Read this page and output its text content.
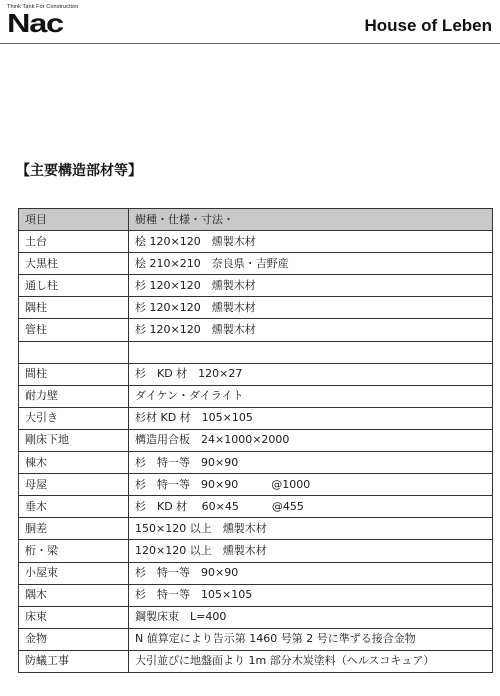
Think Tank For Construction
Nac	House of Leben
【主要構造部材等】
項目	樹種・仕様・寸法・
土台	桧 120×120　燻製木材
大黒柱	桧 210×210　奈良県・吉野産
通し柱	杉 120×120　燻製木材
隅柱	杉 120×120　燻製木材
管柱	杉 120×120　燻製木材

間柱	杉　KD 材　120×27
耐力壁	ダイケン・ダイライト
大引き	杉材 KD 材　105×105
剛床下地	構造用合板　24×1000×2000
棟木	杉　特一等　90×90
母屋	杉　特一等　90×90　　　@1000
垂木	杉　KD 材　 60×45　　　@455
胴差	150×120 以上　燻製木材
桁・梁	120×120 以上　燻製木材
小屋束	杉　特一等　90×90
隅木	杉　特一等　105×105
床束	鋼製床束　L=400
金物	N 値算定により告示第 1460 号第 2 号に準ずる接合金物
防蟻工事	大引並びに地盤面より 1m 部分木炭塗料（ヘルスコキュア）
